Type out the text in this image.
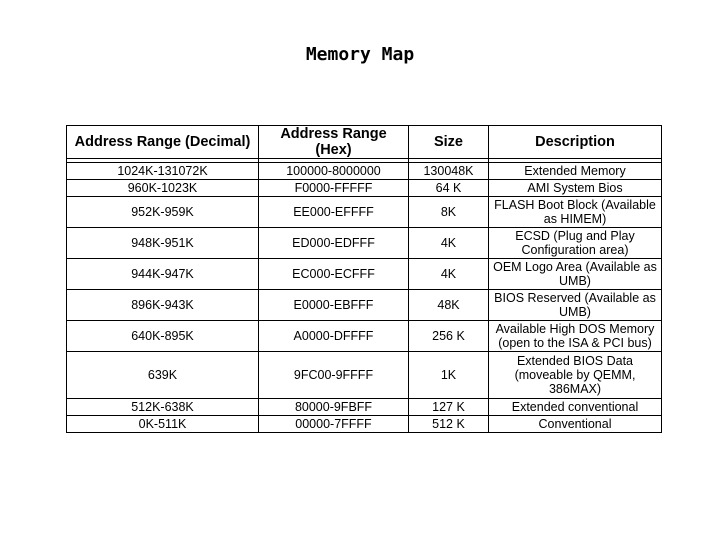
Memory Map
Address Range (Decimal)	Address Range (Hex)	Size	Description

1024K-131072K	100000-8000000	130048K	Extended Memory
960K-1023K	F0000-FFFFF	64 K	AMI System Bios
952K-959K	EE000-EFFFF	8K	FLASH Boot Block (Available as HIMEM)
948K-951K	ED000-EDFFF	4K	ECSD (Plug and Play Configuration area)
944K-947K	EC000-ECFFF	4K	OEM Logo Area (Available as UMB)
896K-943K	E0000-EBFFF	48K	BIOS Reserved (Available as UMB)
640K-895K	A0000-DFFFF	256 K	Available High DOS Memory (open to the ISA & PCI bus)
639K	9FC00-9FFFF	1K	Extended BIOS Data (moveable by QEMM, 386MAX)
512K-638K	80000-9FBFF	127 K	Extended conventional
0K-511K	00000-7FFFF	512 K	Conventional
